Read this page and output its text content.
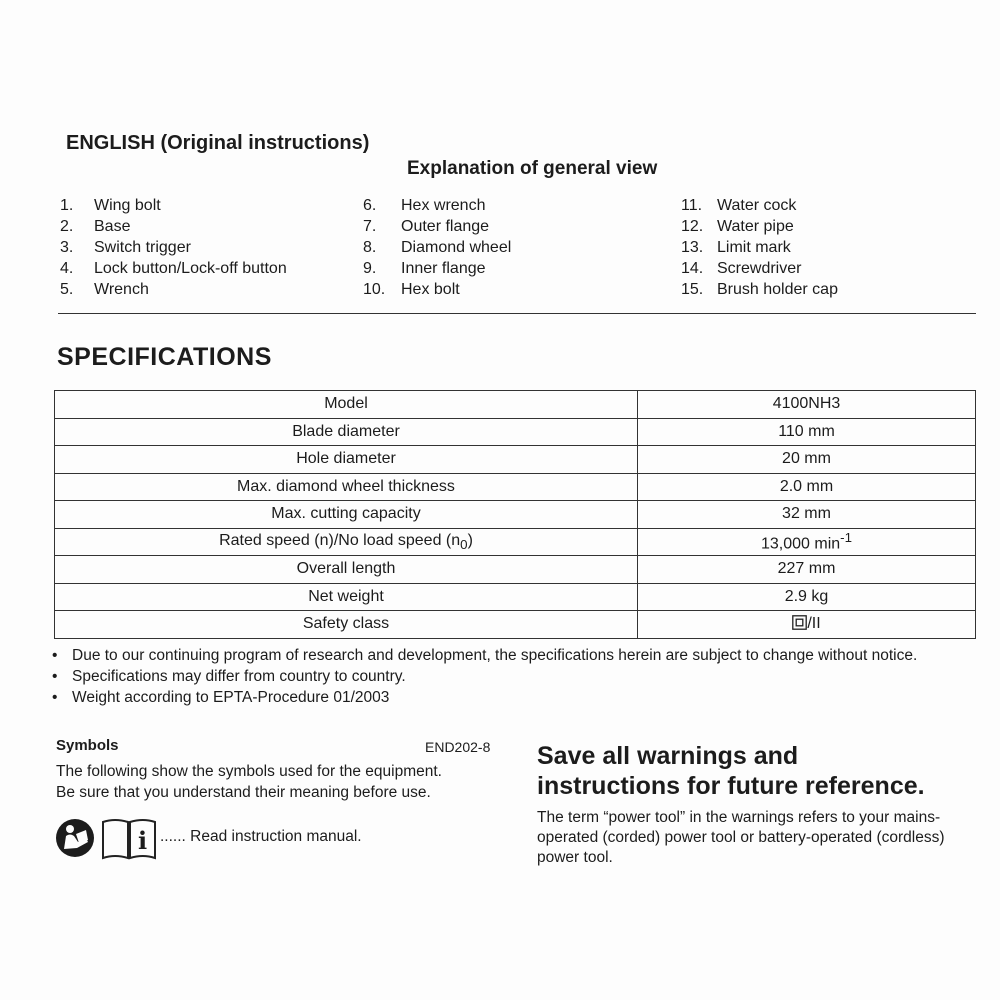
ENGLISH (Original instructions)
Explanation of general view
1.	Wing bolt
2.	Base
3.	Switch trigger
4.	Lock button/Lock-off button
5.	Wrench
6.	Hex wrench
7.	Outer flange
8.	Diamond wheel
9.	Inner flange
10. Hex bolt
11. Water cock
12. Water pipe
13. Limit mark
14. Screwdriver
15. Brush holder cap
SPECIFICATIONS
Model	4100NH3
Blade diameter	110 mm
Hole diameter	20 mm
Max. diamond wheel thickness	2.0 mm
Max. cutting capacity	32 mm
Rated speed (n)/No load speed $(n_0)$	13,000 $\min^{-1}$
Overall length	227 mm
Net weight	2.9 kg
Safety class	/II
• Due to our continuing program of research and development, the specifications herein are subject to change without notice.
• Specifications may differ from country to country.
• Weight according to EPTA-Procedure 01/2003
Symbols	END202-8
The following show the symbols used for the equipment.
Be sure that you understand their meaning before use.
i ...... Read instruction manual.
Save all warnings and
instructions for future reference.
The term “power tool” in the warnings refers to your mains-operated (corded) power tool or battery-operated (cordless) power tool.
